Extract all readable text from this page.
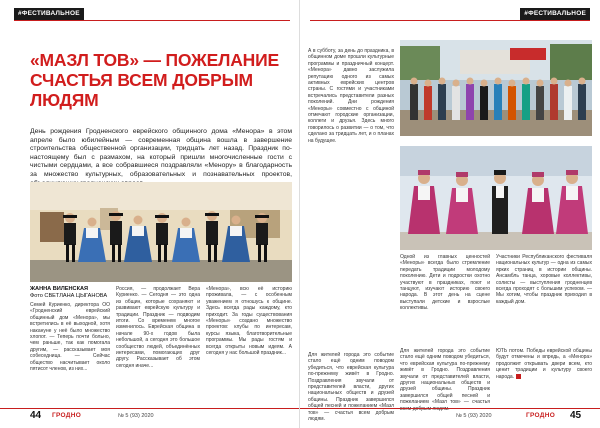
#ФЕСТИВАЛЬНОЕ
«МАЗЛ ТОВ» — ПОЖЕЛАНИЕ СЧАСТЬЯ ВСЕМ ДОБРЫМ ЛЮДЯМ
День рождения Гродненского еврейского общинного дома «Менора» в этом апреле было юбилейным — современная община вошла в завершение строительства общественной организации, тридцать лет назад. Праздник по-настоящему был с размахом, на который пришли многочисленные гости с чистыми сердцами, а все собравшиеся поздравляли «Менору» в благодарность за множество культурных, образовательных и познавательных проектов,
ЖАННА ВИЛЕНСКАЯ
Фото СВЕТЛАНА ЦЫГАНОВА
Семей Куриенко, директора ОО «Гродненский еврейский общинный дом «Менора», мы встретились в её выходной, хотя накануне у неё было множество хлопот. — Теперь почти больно, чем раньше, так как помогала другим, — рассказывает моя собеседница. — Сейчас общество насчитывает около пятисот членов, из них...
Россия, — продолжает Вера Куриенко. — Сегодня — это одна из общин, которые сохраняют и развивают еврейскую культуру и традиции. Праздник — подводим итоги. Со временем многое изменилось. Еврейская община в начале 90-х годов была небольшой, а сегодня это большое сообщество людей, объединённых интересами, помогающих друг другу. Рассказывает об этом сегодня иначе...
«Менора», всю её историю проживала, — с особенным уважением я отношусь к общине. Здесь всегда рады каждому, кто приходит. За годы существования «Меноры» создано множество проектов: клубы по интересам, курсы языка, благотворительные программы. Мы рады гостям и всегда открыты новым идеям. А сегодня у нас большой праздник...
44 ГРОДНО	№ 5 (93) 2020
#ФЕСТИВАЛЬНОЕ
А в субботу, за день до праздника, в общинном доме прошли культурные программы и праздничный концерт. «Менора» давно заслужила репутацию одного из самых активных еврейских центров страны. С гостями и участниками встречались представители разных поколений. Дни рождения «Меноры» совместно с общиной отмечают городские организации, коллеги и друзья. Здесь много говорилось о развитии — о том, что сделано за тридцать лет, и о планах на будущее.
Одной из главных ценностей «Меноры» всегда было стремление передать традиции молодому поколению. Дети и подростки охотно участвуют в праздниках, поют и танцуют, изучают историю своего народа. В этот день на сцене выступали детские и взрослые коллективы.
Участники Республиканского фестиваля национальных культур — одна из самых ярких страниц в истории общины. Ансамбль танца, хоровые коллективы, солисты — выступления гродненцев всегда проходят с большим успехом. — Мы хотим, чтобы праздник приходил в каждый дом.
Для жителей города это событие стало ещё одним поводом убедиться, что еврейская культура по-прежнему живёт в Гродно. Поздравления звучали от представителей власти, других национальных обществ и друзей общины. Праздник завершился общей песней и пожеланием «Мазл тов» — счастья всем добрым людям.
Для жителей города это событие стало ещё одним поводом убедиться, что еврейская культура по-прежнему живёт в Гродно. Поздравления звучали от представителей власти, других национальных обществ и друзей общины. Праздник завершился общей песней и пожеланием «Мазл тов» — счастья всем добрым людям.
ЮТЬ потом. Победы еврейской общины будут отмечены и впредь, а «Менора» продолжит открывать двери всем, кто ценит традиции и культуру своего народа.
№ 5 (93) 2020	ГРОДНО 45
